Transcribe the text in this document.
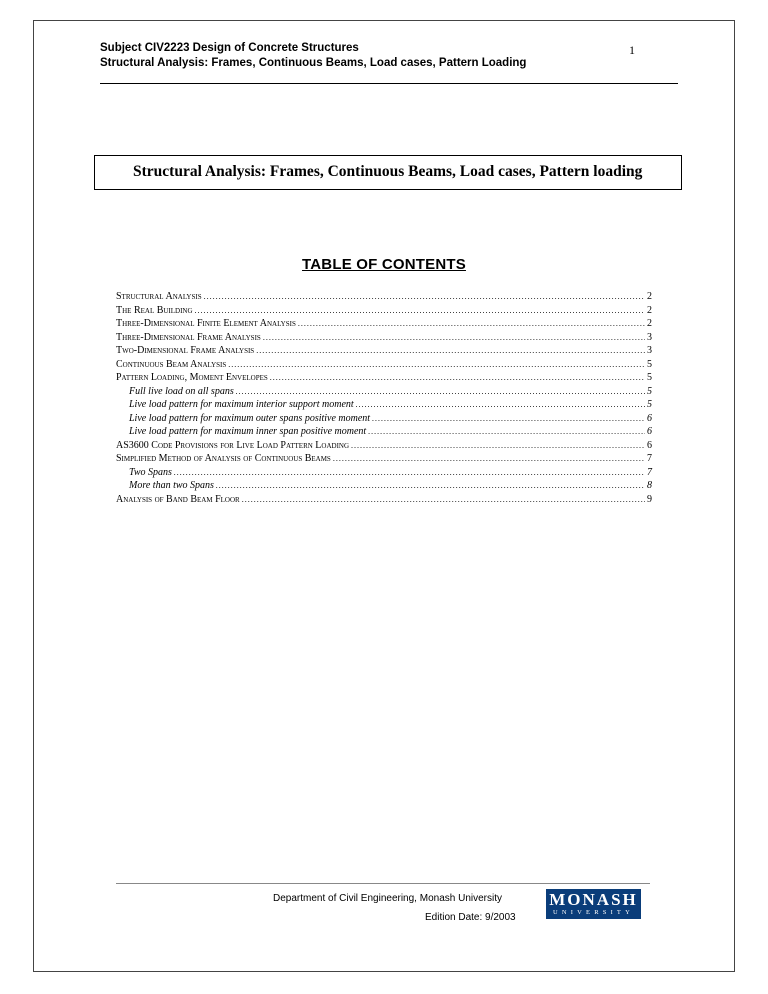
Subject CIV2223 Design of Concrete Structures
Structural Analysis: Frames, Continuous Beams, Load cases, Pattern Loading
1
Structural Analysis: Frames, Continuous Beams, Load cases, Pattern loading
TABLE OF CONTENTS
Structural Analysis .....	2
The Real Building .....	2
Three-Dimensional Finite Element Analysis .....	2
Three-Dimensional Frame Analysis .....	3
Two-Dimensional Frame Analysis .....	3
Continuous Beam Analysis .....	5
Pattern Loading, Moment Envelopes .....	5
Full live load on all spans .....	5
Live load pattern for maximum interior support moment .....	5
Live load pattern for maximum outer spans positive moment .....	6
Live load pattern for maximum inner span positive moment .....	6
AS3600 Code Provisions for Live Load Pattern Loading .....	6
Simplified Method of Analysis of Continuous Beams .....	7
Two Spans .....	7
More than two Spans .....	8
Analysis of Band Beam Floor .....	9
Department of Civil Engineering, Monash University
Edition Date: 9/2003
MONASH
UNIVERSITY
